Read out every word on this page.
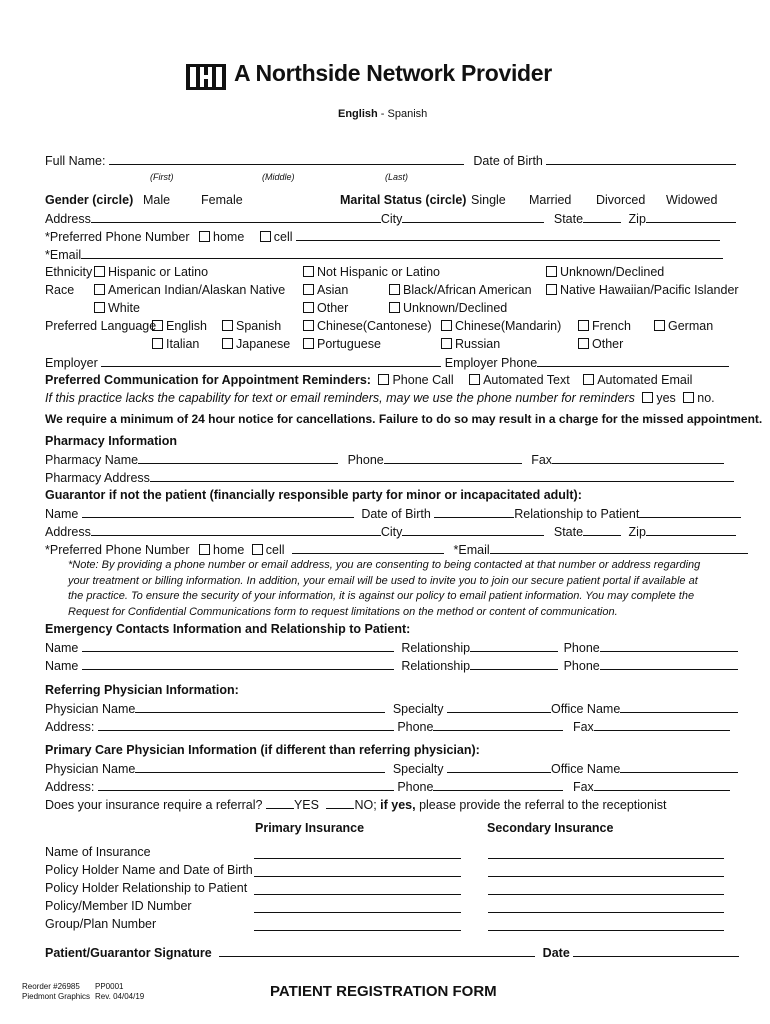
A Northside Network Provider
English - Spanish
Full Name:	Date of Birth
(First)	(Middle)	(Last)
Gender (circle) Male Female	Marital Status (circle) Single Married Divorced Widowed
Address	City	State	Zip
*Preferred Phone Number home cell
*Email
Ethnicity	Hispanic or Latino	Not Hispanic or Latino	Unknown/Declined
Race	American Indian/Alaskan Native	Asian	Black/African American	Native Hawaiian/Pacific Islander
White	Other	Unknown/Declined
Preferred Language English	Spanish	Chinese(Cantonese)	Chinese(Mandarin)	French	German
Italian	Japanese	Portuguese	Russian	Other
Employer	Employer Phone
Preferred Communication for Appointment Reminders: Phone Call Automated Text Automated Email
If this practice lacks the capability for text or email reminders, may we use the phone number for reminders yes no.
We require a minimum of 24 hour notice for cancellations. Failure to do so may result in a charge for the missed appointment.
Pharmacy Information
Pharmacy Name	Phone	Fax
Pharmacy Address
Guarantor if not the patient (financially responsible party for minor or incapacitated adult):
Name	Date of Birth	Relationship to Patient
Address	City	State	Zip
*Preferred Phone Number home cell	*Email
*Note: By providing a phone number or email address, you are consenting to being contacted at that number or address regarding your treatment or billing information. In addition, your email will be used to invite you to join our secure patient portal if available at the practice. To ensure the security of your information, it is against our policy to email patient information. You may complete the Request for Confidential Communications form to request limitations on the method or content of communication.
Emergency Contacts Information and Relationship to Patient:
Name	Relationship	Phone
Name	Relationship	Phone
Referring Physician Information:
Physician Name	Specialty	Office Name
Address:	Phone	Fax
Primary Care Physician Information (if different than referring physician):
Physician Name	Specialty	Office Name
Address:	Phone	Fax
Does your insurance require a referral? YES	NO; if yes, please provide the referral to the receptionist
Primary Insurance	Secondary Insurance
Name of Insurance
Policy Holder Name and Date of Birth
Policy Holder Relationship to Patient
Policy/Member ID Number
Group/Plan Number
Patient/Guarantor Signature	Date
Reorder #26985
Piedmont Graphics
PP0001
Rev. 04/04/19	PATIENT REGISTRATION FORM
